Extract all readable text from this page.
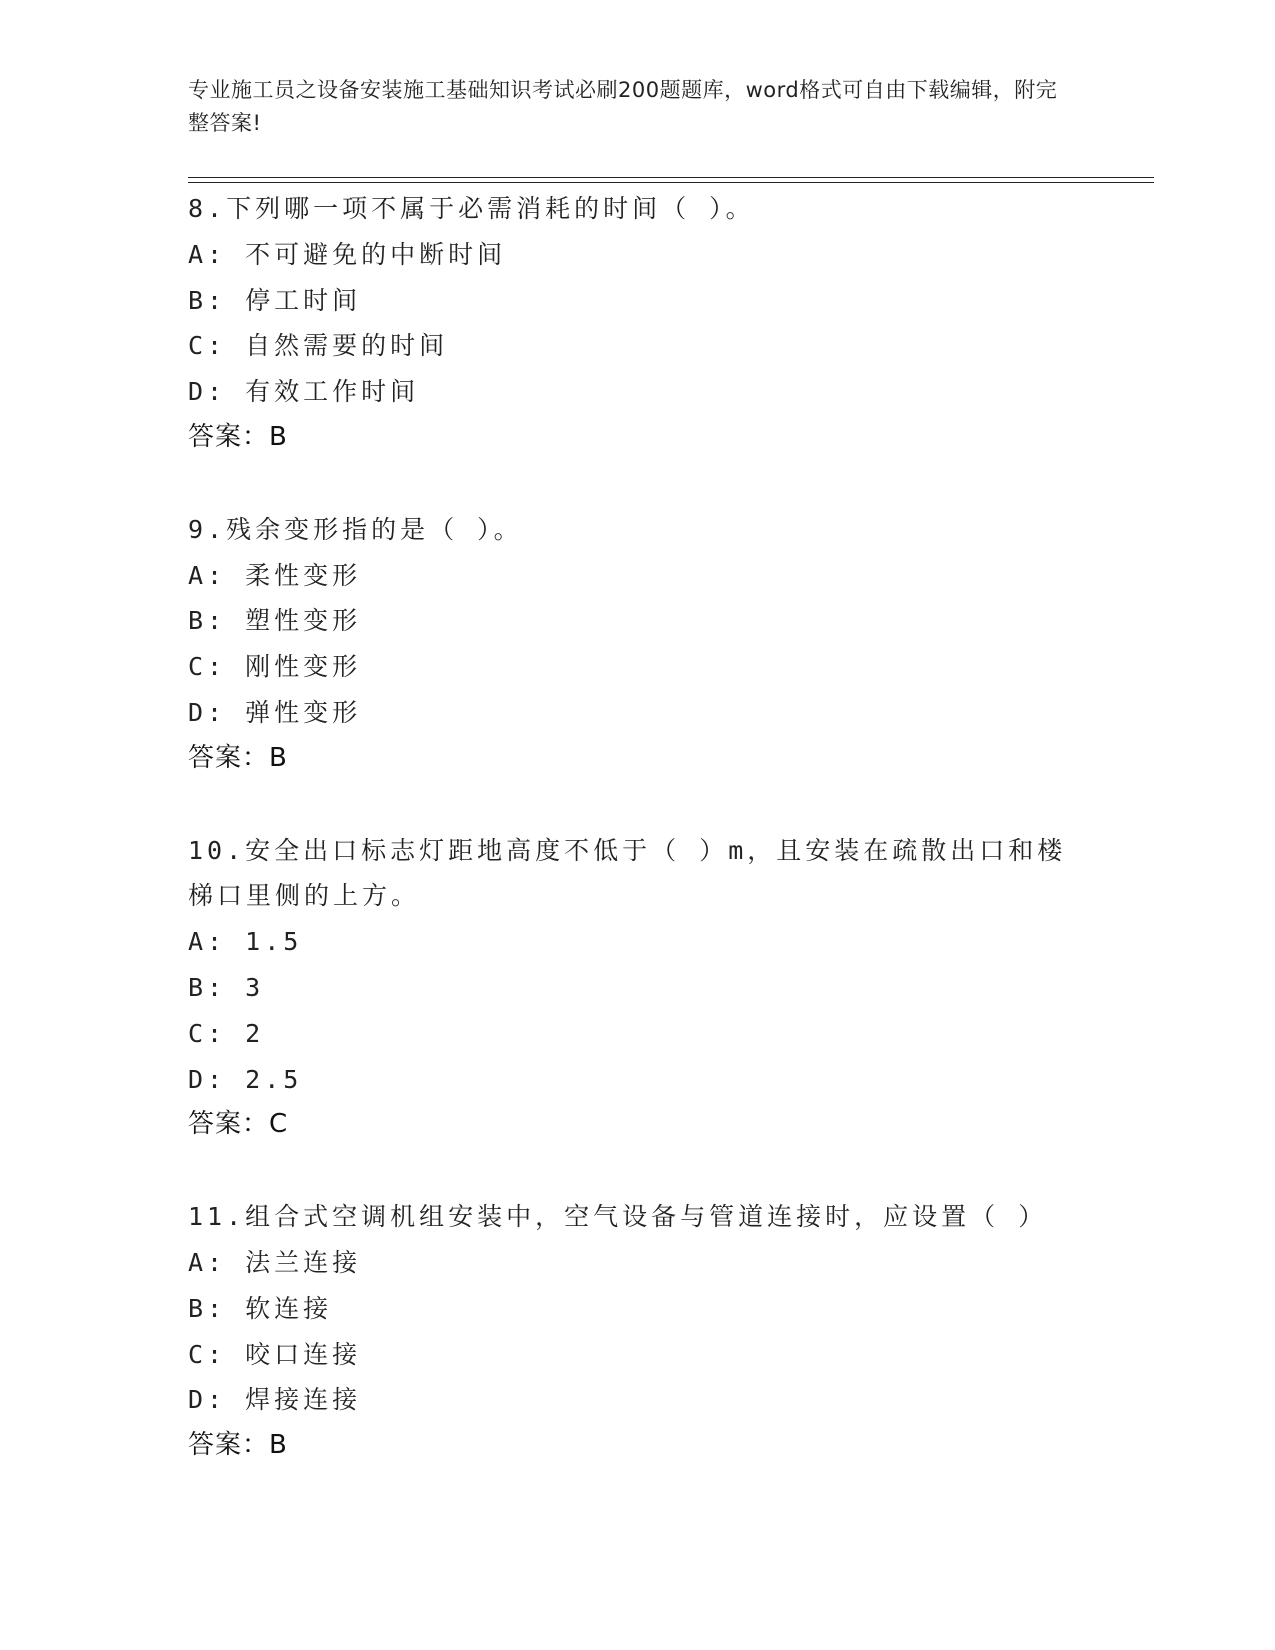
专业施工员之设备安装施工基础知识考试必刷200题题库，word格式可自由下载编辑，附完整答案!
8.下列哪一项不属于必需消耗的时间（ ）。
A: 不可避免的中断时间
B: 停工时间
C: 自然需要的时间
D: 有效工作时间
答案：B
9.残余变形指的是（ ）。
A: 柔性变形
B: 塑性变形
C: 刚性变形
D: 弹性变形
答案：B
10.安全出口标志灯距地高度不低于（ ）m，且安装在疏散出口和楼梯口里侧的上方。
A: 1.5
B: 3
C: 2
D: 2.5
答案：C
11.组合式空调机组安装中，空气设备与管道连接时，应设置（ ）
A: 法兰连接
B: 软连接
C: 咬口连接
D: 焊接连接
答案：B
